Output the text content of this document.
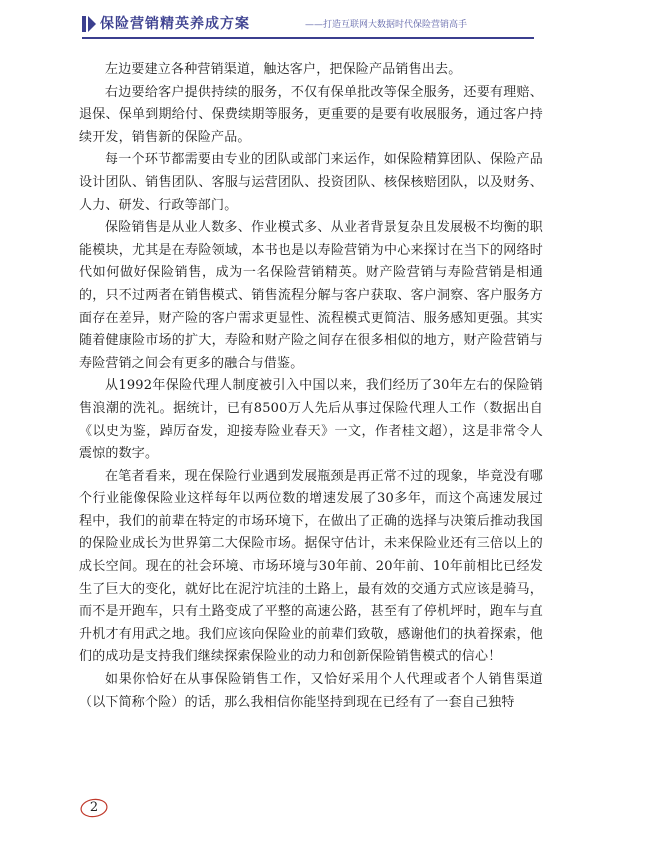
保险营销精英养成方案	——打造互联网大数据时代保险营销高手

左边要建立各种营销渠道，触达客户，把保险产品销售出去。

右边要给客户提供持续的服务，不仅有保单批改等保全服务，还要有理赔、退保、保单到期给付、保费续期等服务，更重要的是要有收展服务，通过客户持续开发，销售新的保险产品。

每一个环节都需要由专业的团队或部门来运作，如保险精算团队、保险产品设计团队、销售团队、客服与运营团队、投资团队、核保核赔团队，以及财务、人力、研发、行政等部门。

保险销售是从业人数多、作业模式多、从业者背景复杂且发展极不均衡的职能模块，尤其是在寿险领域，本书也是以寿险营销为中心来探讨在当下的网络时代如何做好保险销售，成为一名保险营销精英。财产险营销与寿险营销是相通的，只不过两者在销售模式、销售流程分解与客户获取、客户洞察、客户服务方面存在差异，财产险的客户需求更显性、流程模式更简洁、服务感知更强。其实随着健康险市场的扩大，寿险和财产险之间存在很多相似的地方，财产险营销与寿险营销之间会有更多的融合与借鉴。

从1992年保险代理人制度被引入中国以来，我们经历了30年左右的保险销售浪潮的洗礼。据统计，已有8500万人先后从事过保险代理人工作（数据出自《以史为鉴，踔厉奋发，迎接寿险业春天》一文，作者桂文超），这是非常令人震惊的数字。

在笔者看来，现在保险行业遇到发展瓶颈是再正常不过的现象，毕竟没有哪个行业能像保险业这样每年以两位数的增速发展了30多年，而这个高速发展过程中，我们的前辈在特定的市场环境下，在做出了正确的选择与决策后推动我国的保险业成长为世界第二大保险市场。据保守估计，未来保险业还有三倍以上的成长空间。现在的社会环境、市场环境与30年前、20年前、10年前相比已经发生了巨大的变化，就好比在泥泞坑洼的土路上，最有效的交通方式应该是骑马，而不是开跑车，只有土路变成了平整的高速公路，甚至有了停机坪时，跑车与直升机才有用武之地。我们应该向保险业的前辈们致敬，感谢他们的执着探索，他们的成功是支持我们继续探索保险业的动力和创新保险销售模式的信心！

如果你恰好在从事保险销售工作，又恰好采用个人代理或者个人销售渠道（以下简称个险）的话，那么我相信你能坚持到现在已经有了一套自己独特

2
